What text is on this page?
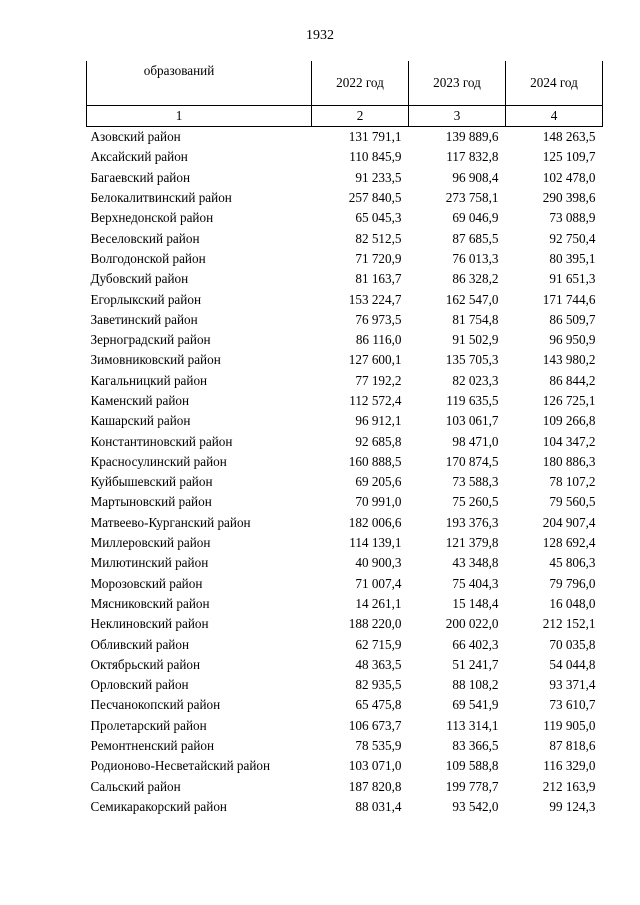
1932
образований	2022 год	2023 год	2024 год
1	2	3	4
Азовский район	131 791,1	139 889,6	148 263,5
Аксайский район	110 845,9	117 832,8	125 109,7
Багаевский район	91 233,5	96 908,4	102 478,0
Белокалитвинский район	257 840,5	273 758,1	290 398,6
Верхнедонской район	65 045,3	69 046,9	73 088,9
Веселовский район	82 512,5	87 685,5	92 750,4
Волгодонской район	71 720,9	76 013,3	80 395,1
Дубовский район	81 163,7	86 328,2	91 651,3
Егорлыкский район	153 224,7	162 547,0	171 744,6
Заветинский район	76 973,5	81 754,8	86 509,7
Зерноградский район	86 116,0	91 502,9	96 950,9
Зимовниковский район	127 600,1	135 705,3	143 980,2
Кагальницкий район	77 192,2	82 023,3	86 844,2
Каменский район	112 572,4	119 635,5	126 725,1
Кашарский район	96 912,1	103 061,7	109 266,8
Константиновский район	92 685,8	98 471,0	104 347,2
Красносулинский район	160 888,5	170 874,5	180 886,3
Куйбышевский район	69 205,6	73 588,3	78 107,2
Мартыновский район	70 991,0	75 260,5	79 560,5
Матвеево-Курганский район	182 006,6	193 376,3	204 907,4
Миллеровский район	114 139,1	121 379,8	128 692,4
Милютинский район	40 900,3	43 348,8	45 806,3
Морозовский район	71 007,4	75 404,3	79 796,0
Мясниковский район	14 261,1	15 148,4	16 048,0
Неклиновский район	188 220,0	200 022,0	212 152,1
Обливский район	62 715,9	66 402,3	70 035,8
Октябрьский район	48 363,5	51 241,7	54 044,8
Орловский район	82 935,5	88 108,2	93 371,4
Песчанокопский район	65 475,8	69 541,9	73 610,7
Пролетарский район	106 673,7	113 314,1	119 905,0
Ремонтненский район	78 535,9	83 366,5	87 818,6
Родионово-Несветайский район	103 071,0	109 588,8	116 329,0
Сальский район	187 820,8	199 778,7	212 163,9
Семикаракорский район	88 031,4	93 542,0	99 124,3
